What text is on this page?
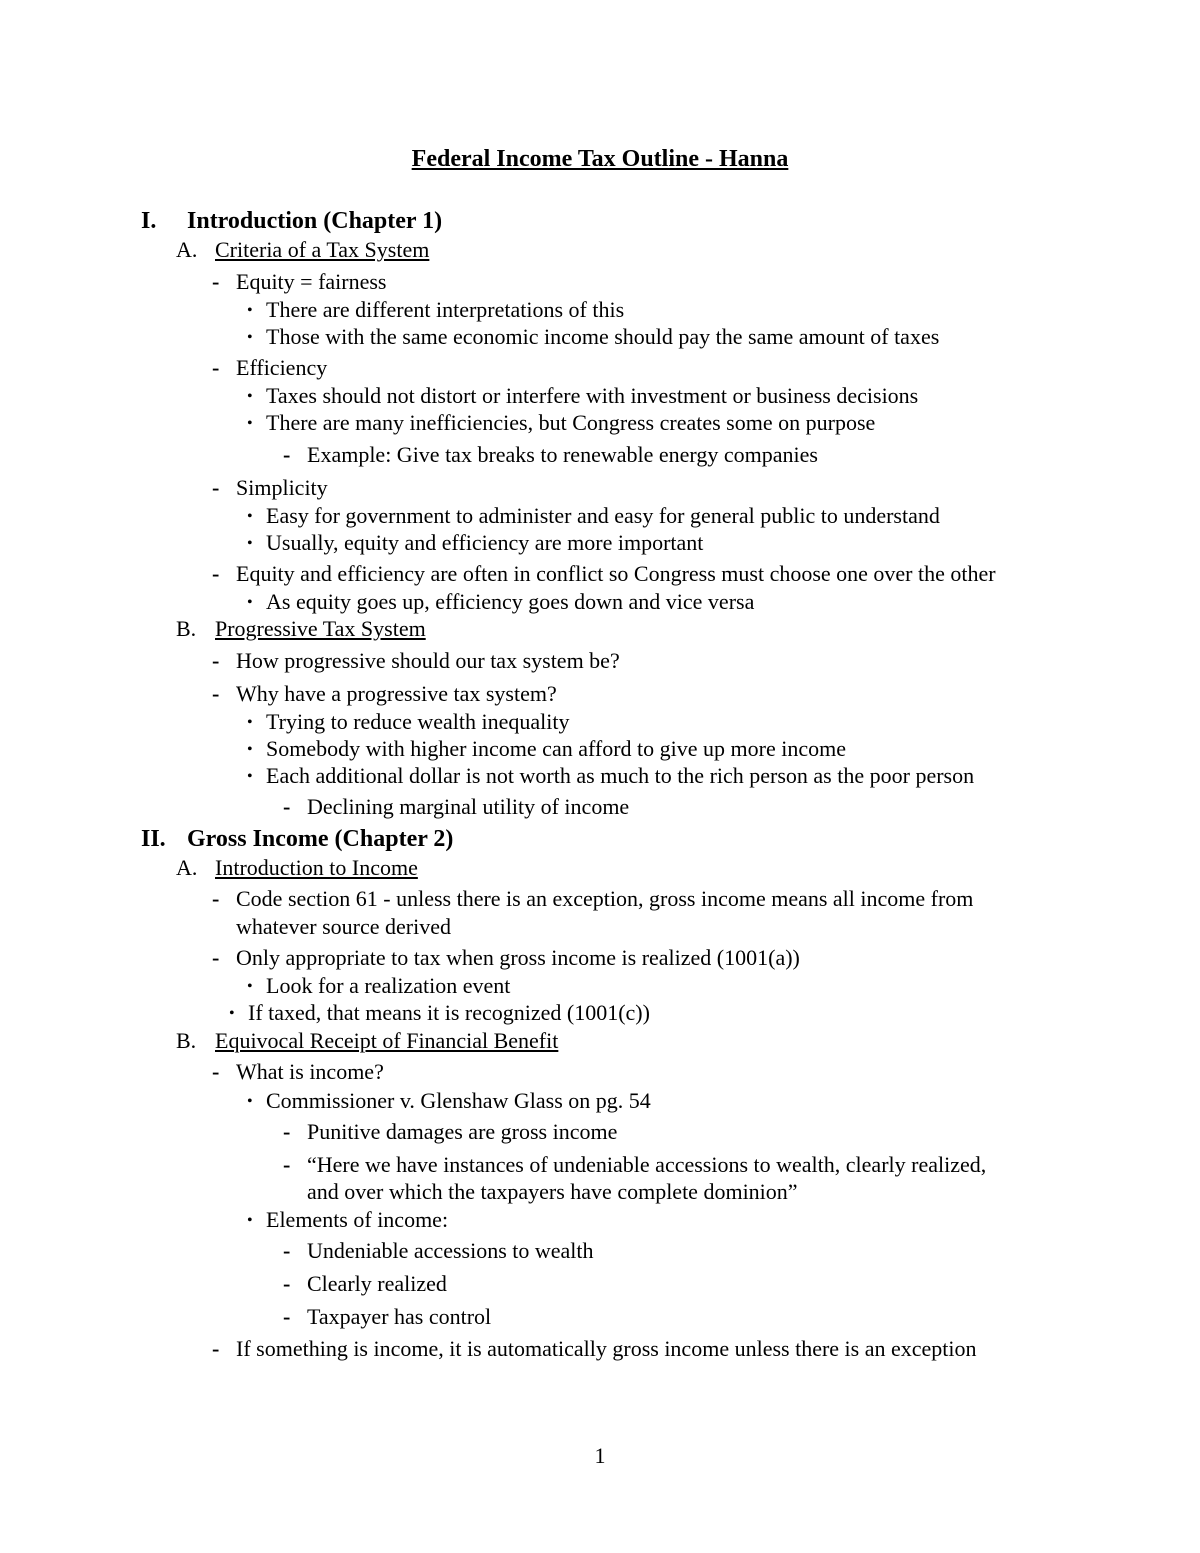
Federal Income Tax Outline - Hanna
I. Introduction (Chapter 1)
A. Criteria of a Tax System
- Equity = fairness
• There are different interpretations of this
• Those with the same economic income should pay the same amount of taxes
- Efficiency
• Taxes should not distort or interfere with investment or business decisions
• There are many inefficiencies, but Congress creates some on purpose
- Example: Give tax breaks to renewable energy companies
- Simplicity
• Easy for government to administer and easy for general public to understand
• Usually, equity and efficiency are more important
- Equity and efficiency are often in conflict so Congress must choose one over the other
• As equity goes up, efficiency goes down and vice versa
B. Progressive Tax System
- How progressive should our tax system be?
- Why have a progressive tax system?
• Trying to reduce wealth inequality
• Somebody with higher income can afford to give up more income
• Each additional dollar is not worth as much to the rich person as the poor person
- Declining marginal utility of income
II. Gross Income (Chapter 2)
A. Introduction to Income
- Code section 61 - unless there is an exception, gross income means all income from
whatever source derived
- Only appropriate to tax when gross income is realized (1001(a))
• Look for a realization event
• If taxed, that means it is recognized (1001(c))
B. Equivocal Receipt of Financial Benefit
- What is income?
• Commissioner v. Glenshaw Glass on pg. 54
- Punitive damages are gross income
- “Here we have instances of undeniable accessions to wealth, clearly realized,
and over which the taxpayers have complete dominion”
• Elements of income:
- Undeniable accessions to wealth
- Clearly realized
- Taxpayer has control
- If something is income, it is automatically gross income unless there is an exception
1
